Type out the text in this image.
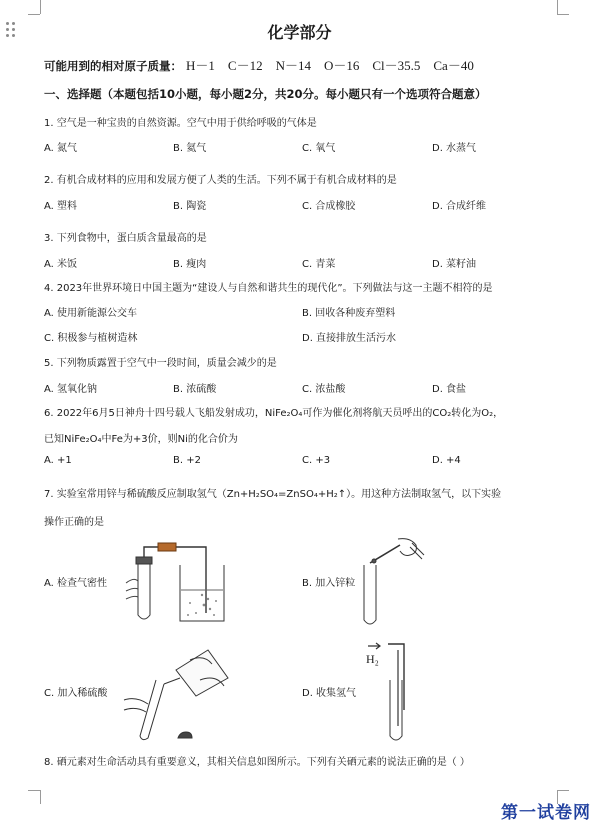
化学部分
可能用到的相对原子质量： H－1　C－12　N－14　O－16　Cl－35.5　Ca－40
一、选择题（本题包括10小题，每小题2分，共20分。每小题只有一个选项符合题意）
1. 空气是一种宝贵的自然资源。空气中用于供给呼吸的气体是
A. 氮气	B. 氦气	C. 氧气	D. 水蒸气
2. 有机合成材料的应用和发展方便了人类的生活。下列不属于有机合成材料的是
A. 塑料	B. 陶瓷	C. 合成橡胶	D. 合成纤维
3. 下列食物中，蛋白质含量最高的是
A. 米饭	B. 瘦肉	C. 青菜	D. 菜籽油
4. 2023年世界环境日中国主题为“建设人与自然和谐共生的现代化”。下列做法与这一主题不相符的是
A. 使用新能源公交车	B. 回收各种废弃塑料
C. 积极参与植树造林	D. 直接排放生活污水
5. 下列物质露置于空气中一段时间，质量会减少的是
A. 氢氧化钠	B. 浓硫酸	C. 浓盐酸	D. 食盐
6. 2022年6月5日神舟十四号载人飞船发射成功，NiFe₂O₄可作为催化剂将航天员呼出的CO₂转化为O₂，
已知NiFe₂O₄中Fe为+3价，则Ni的化合价为
A. +1	B. +2	C. +3	D. +4
7. 实验室常用锌与稀硫酸反应制取氢气（Zn+H₂SO₄=ZnSO₄+H₂↑）。用这种方法制取氢气，以下实验
操作正确的是
A. 检查气密性	B. 加入锌粒
C. 加入稀硫酸	D. 收集氢气
H₂
8. 硒元素对生命活动具有重要意义，其相关信息如图所示。下列有关硒元素的说法正确的是（ ）
第一试卷网
